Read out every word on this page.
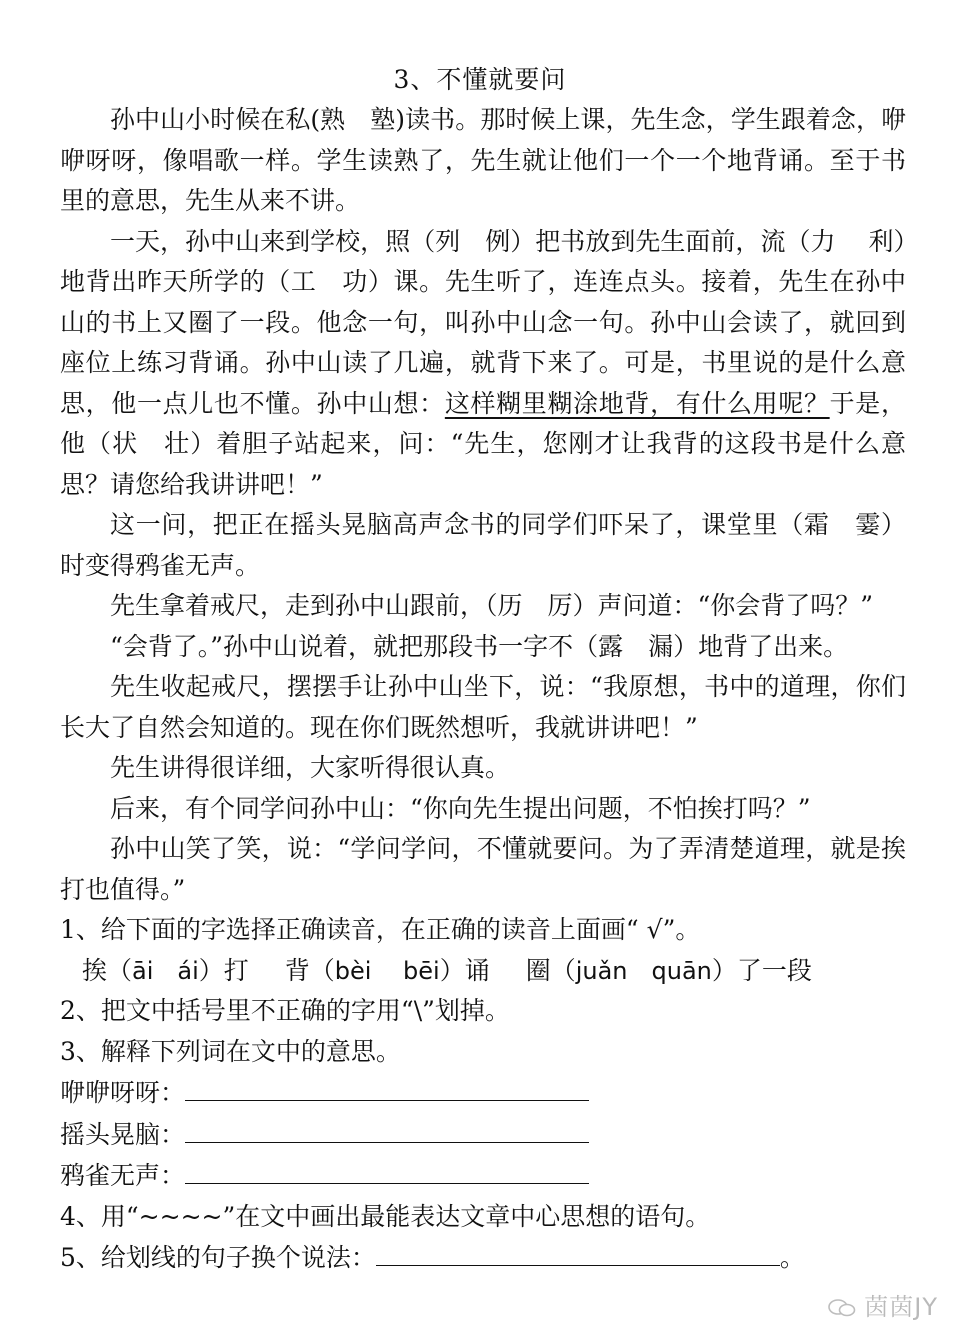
3、不懂就要问

孙中山小时候在私(熟　塾)读书。那时候上课，先生念，学生跟着念，咿咿呀呀，像唱歌一样。学生读熟了，先生就让他们一个一个地背诵。至于书里的意思，先生从来不讲。

一天，孙中山来到学校，照（列　例）把书放到先生面前，流（力　 利）地背出昨天所学的（工　功）课。先生听了，连连点头。接着，先生在孙中山的书上又圈了一段。他念一句，叫孙中山念一句。孙中山会读了，就回到座位上练习背诵。孙中山读了几遍，就背下来了。可是，书里说的是什么意思，他一点儿也不懂。孙中山想：这样糊里糊涂地背，有什么用呢？于是，他（状　壮）着胆子站起来，问：“先生，您刚才让我背的这段书是什么意思？请您给我讲讲吧！”

这一问，把正在摇头晃脑高声念书的同学们吓呆了，课堂里（霜　霎）时变得鸦雀无声。

先生拿着戒尺，走到孙中山跟前，（历　厉）声问道：“你会背了吗？”

“会背了。”孙中山说着，就把那段书一字不（露　漏）地背了出来。

先生收起戒尺，摆摆手让孙中山坐下，说：“我原想，书中的道理，你们长大了自然会知道的。现在你们既然想听，我就讲讲吧！”

先生讲得很详细，大家听得很认真。

后来，有个同学问孙中山：“你向先生提出问题，不怕挨打吗？”

孙中山笑了笑，说：“学问学问，不懂就要问。为了弄清楚道理，就是挨打也值得。”

1、给下面的字选择正确读音，在正确的读音上面画“ √”。
挨（āi　ái）打 背（bèi　 bēi）诵 圈（juǎn　quān）了一段
2、把文中括号里不正确的字用“\”划掉。
3、解释下列词在文中的意思。
咿咿呀呀：
摇头晃脑：
鸦雀无声：
4、用“~~~~”在文中画出最能表达文章中心思想的语句。
5、给划线的句子换个说法：	。
茵茵JY
